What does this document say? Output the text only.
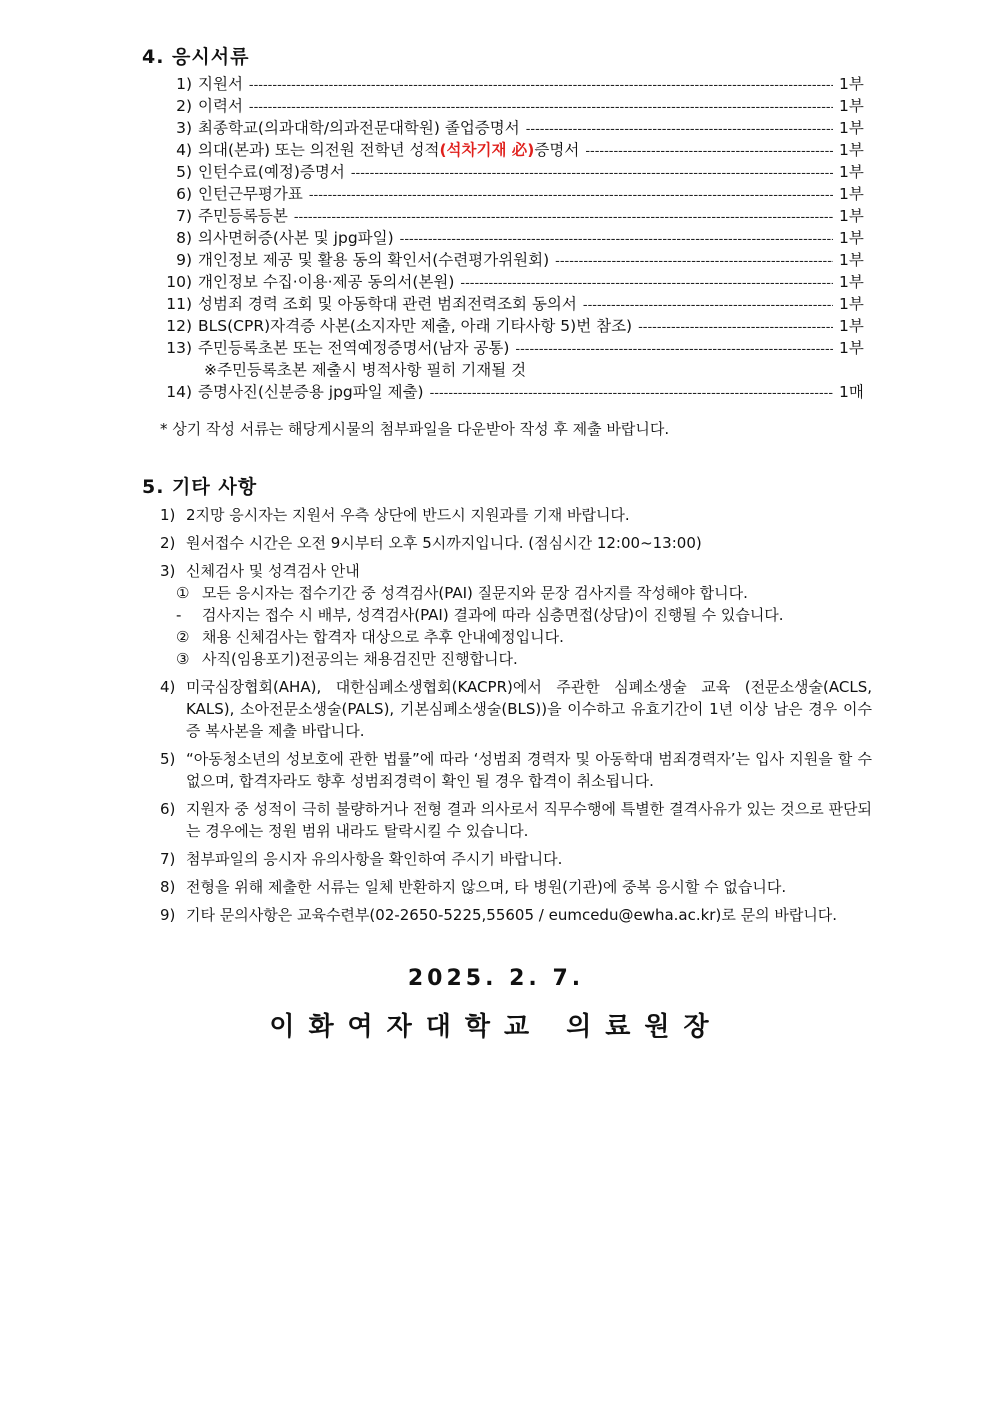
4. 응시서류
1) 지원서 -----	1부
2) 이력서 -----	1부
3) 최종학교(의과대학/의과전문대학원) 졸업증명서 -----	1부
4) 의대(본과) 또는 의전원 전학년 성적(석차기재 必)증명서 -----	1부
5) 인턴수료(예정)증명서 -----	1부
6) 인턴근무평가표 -----	1부
7) 주민등록등본 -----	1부
8) 의사면허증(사본 및 jpg파일) -----	1부
9) 개인정보 제공 및 활용 동의 확인서(수련평가위원회) -----	1부
10) 개인정보 수집·이용·제공 동의서(본원) -----	1부
11) 성범죄 경력 조회 및 아동학대 관련 범죄전력조회 동의서 -----	1부
12) BLS(CPR)자격증 사본(소지자만 제출, 아래 기타사항 5)번 참조) -----	1부
13) 주민등록초본 또는 전역예정증명서(남자 공통) -----	1부
※주민등록초본 제출시 병적사항 필히 기재될 것
14) 증명사진(신분증용 jpg파일 제출) -----	1매

* 상기 작성 서류는 해당게시물의 첨부파일을 다운받아 작성 후 제출 바랍니다.

5. 기타 사항
1) 2지망 응시자는 지원서 우측 상단에 반드시 지원과를 기재 바랍니다.
2) 원서접수 시간은 오전 9시부터 오후 5시까지입니다. (점심시간 12:00~13:00)
3) 신체검사 및 성격검사 안내
① 모든 응시자는 접수기간 중 성격검사(PAI) 질문지와 문장 검사지를 작성해야 합니다.
-	검사지는 접수 시 배부, 성격검사(PAI) 결과에 따라 심층면접(상담)이 진행될 수 있습니다.
② 채용 신체검사는 합격자 대상으로 추후 안내예정입니다.
③ 사직(임용포기)전공의는 채용검진만 진행합니다.
4) 미국심장협회(AHA), 대한심폐소생협회(KACPR)에서 주관한 심폐소생술 교육 (전문소생술(ACLS, KALS), 소아전문소생술(PALS), 기본심폐소생술(BLS))을 이수하고 유효기간이 1년 이상 남은 경우 이수증 복사본을 제출 바랍니다.
5) “아동청소년의 성보호에 관한 법률”에 따라 ‘성범죄 경력자 및 아동학대 범죄경력자’는 입사 지원을 할 수 없으며, 합격자라도 향후 성범죄경력이 확인 될 경우 합격이 취소됩니다.
6) 지원자 중 성적이 극히 불량하거나 전형 결과 의사로서 직무수행에 특별한 결격사유가 있는 것으로 판단되는 경우에는 정원 범위 내라도 탈락시킬 수 있습니다.
7) 첨부파일의 응시자 유의사항을 확인하여 주시기 바랍니다.
8) 전형을 위해 제출한 서류는 일체 반환하지 않으며, 타 병원(기관)에 중복 응시할 수 없습니다.
9) 기타 문의사항은 교육수련부(02-2650-5225,55605 / eumcedu@ewha.ac.kr)로 문의 바랍니다.

2025. 2. 7.

이화여자대학교 의료원장
